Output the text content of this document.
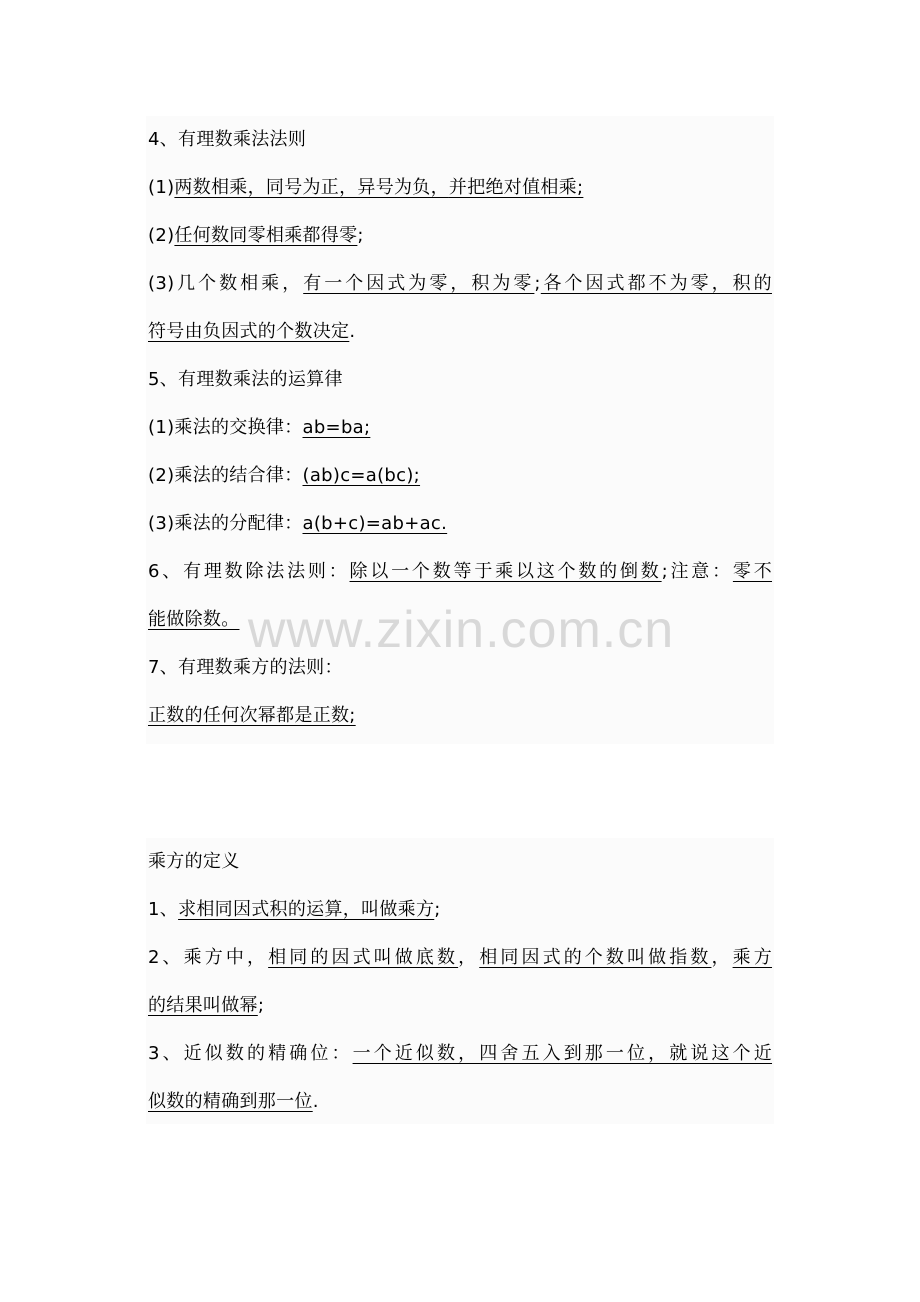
4、有理数乘法法则
(1)两数相乘，同号为正，异号为负，并把绝对值相乘;
(2)任何数同零相乘都得零;
(3)几个数相乘，有一个因式为零，积为零;各个因式都不为零，积的
符号由负因式的个数决定.
5、有理数乘法的运算律
(1)乘法的交换律：ab=ba;
(2)乘法的结合律：(ab)c=a(bc);
(3)乘法的分配律：a(b+c)=ab+ac.
6、有理数除法法则：除以一个数等于乘以这个数的倒数;注意：零不
能做除数。
7、有理数乘方的法则：
正数的任何次幂都是正数;
乘方的定义
1、求相同因式积的运算，叫做乘方;
2、乘方中，相同的因式叫做底数，相同因式的个数叫做指数，乘方
的结果叫做幂;
3、近似数的精确位：一个近似数，四舍五入到那一位，就说这个近
似数的精确到那一位.
www.zixin.com.cn
